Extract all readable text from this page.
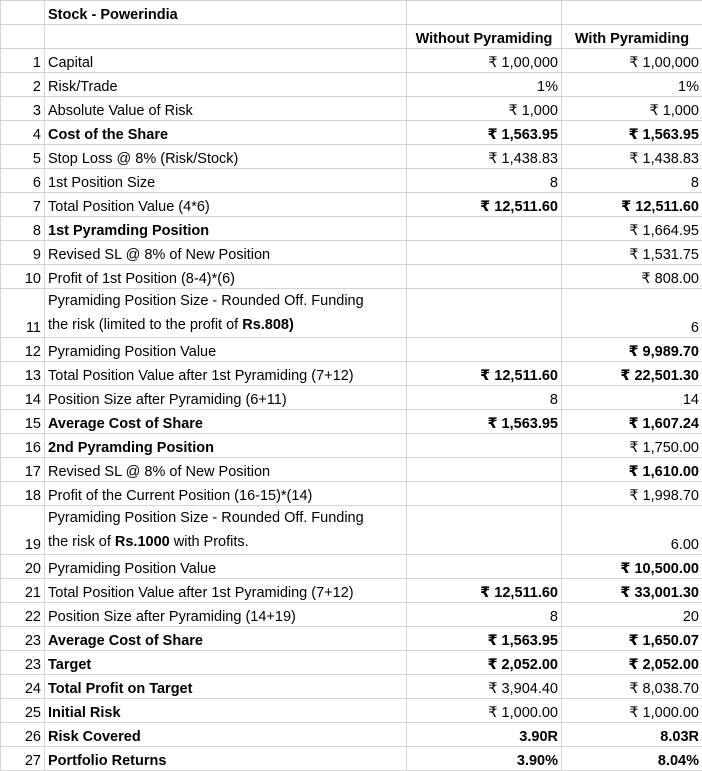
	Stock - Powerindia		
		Without Pyramiding	With Pyramiding
1	Capital	₹ 1,00,000	₹ 1,00,000
2	Risk/Trade	1%	1%
3	Absolute Value of Risk	₹ 1,000	₹ 1,000
4	Cost of the Share	₹ 1,563.95	₹ 1,563.95
5	Stop Loss @ 8% (Risk/Stock)	₹ 1,438.83	₹ 1,438.83
6	1st Position Size	8	8
7	Total Position Value (4*6)	₹ 12,511.60	₹ 12,511.60
8	1st Pyramding Position		₹ 1,664.95
9	Revised SL @ 8% of New Position		₹ 1,531.75
10	Profit of 1st Position (8-4)*(6)		₹ 808.00
11	Pyramiding Position Size - Rounded Off. Funding
the risk (limited to the profit of Rs.808)		6
12	Pyramiding Position Value		₹ 9,989.70
13	Total Position Value after 1st Pyramiding (7+12)	₹ 12,511.60	₹ 22,501.30
14	Position Size after Pyramiding (6+11)	8	14
15	Average Cost of Share	₹ 1,563.95	₹ 1,607.24
16	2nd Pyramding Position		₹ 1,750.00
17	Revised SL @ 8% of New Position		₹ 1,610.00
18	Profit of the Current Position (16-15)*(14)		₹ 1,998.70
19	Pyramiding Position Size - Rounded Off. Funding
the risk of Rs.1000 with Profits.		6.00
20	Pyramiding Position Value		₹ 10,500.00
21	Total Position Value after 1st Pyramiding (7+12)	₹ 12,511.60	₹ 33,001.30
22	Position Size after Pyramiding (14+19)	8	20
23	Average Cost of Share	₹ 1,563.95	₹ 1,650.07
23	Target	₹ 2,052.00	₹ 2,052.00
24	Total Profit on Target	₹ 3,904.40	₹ 8,038.70
25	Initial Risk	₹ 1,000.00	₹ 1,000.00
26	Risk Covered	3.90R	8.03R
27	Portfolio Returns	3.90%	8.04%
